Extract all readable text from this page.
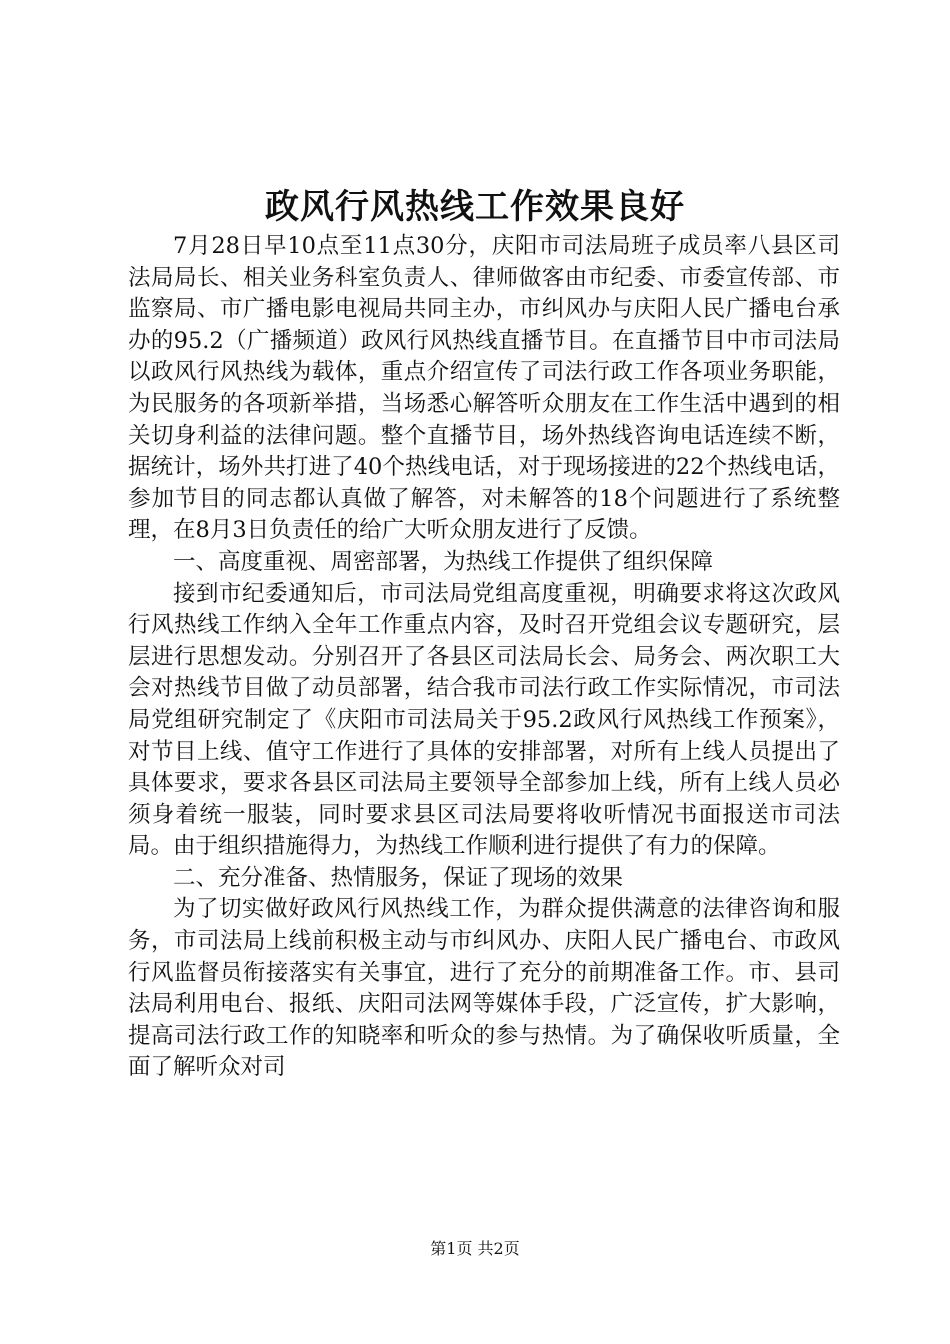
政风行风热线工作效果良好

7月28日早10点至11点30分，庆阳市司法局班子成员率八县区司法局局长、相关业务科室负责人、律师做客由市纪委、市委宣传部、市监察局、市广播电影电视局共同主办，市纠风办与庆阳人民广播电台承办的95.2（广播频道）政风行风热线直播节目。在直播节目中市司法局以政风行风热线为载体，重点介绍宣传了司法行政工作各项业务职能，为民服务的各项新举措，当场悉心解答听众朋友在工作生活中遇到的相关切身利益的法律问题。整个直播节目，场外热线咨询电话连续不断，据统计，场外共打进了40个热线电话，对于现场接进的22个热线电话，参加节目的同志都认真做了解答，对未解答的18个问题进行了系统整理，在8月3日负责任的给广大听众朋友进行了反馈。

一、高度重视、周密部署，为热线工作提供了组织保障

接到市纪委通知后，市司法局党组高度重视，明确要求将这次政风行风热线工作纳入全年工作重点内容，及时召开党组会议专题研究，层层进行思想发动。分别召开了各县区司法局长会、局务会、两次职工大会对热线节目做了动员部署，结合我市司法行政工作实际情况，市司法局党组研究制定了《庆阳市司法局关于95.2政风行风热线工作预案》，对节目上线、值守工作进行了具体的安排部署，对所有上线人员提出了具体要求，要求各县区司法局主要领导全部参加上线，所有上线人员必须身着统一服装，同时要求县区司法局要将收听情况书面报送市司法局。由于组织措施得力，为热线工作顺利进行提供了有力的保障。

二、充分准备、热情服务，保证了现场的效果

为了切实做好政风行风热线工作，为群众提供满意的法律咨询和服务，市司法局上线前积极主动与市纠风办、庆阳人民广播电台、市政风行风监督员衔接落实有关事宜，进行了充分的前期准备工作。市、县司法局利用电台、报纸、庆阳司法网等媒体手段，广泛宣传，扩大影响，提高司法行政工作的知晓率和听众的参与热情。为了确保收听质量，全面了解听众对司

第1页 共2页
